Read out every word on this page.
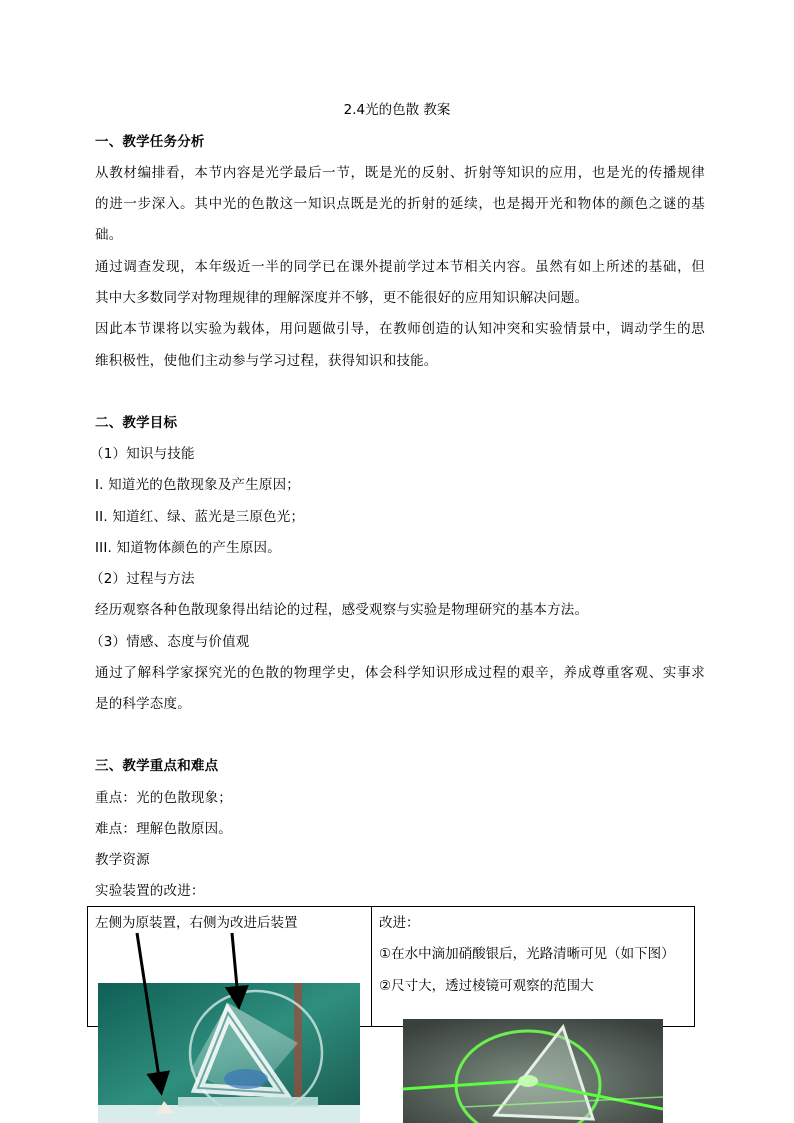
2.4光的色散 教案
一、教学任务分析
从教材编排看，本节内容是光学最后一节，既是光的反射、折射等知识的应用，也是光的传播规律
的进一步深入。其中光的色散这一知识点既是光的折射的延续，也是揭开光和物体的颜色之谜的基
础。
通过调查发现，本年级近一半的同学已在课外提前学过本节相关内容。虽然有如上所述的基础，但
其中大多数同学对物理规律的理解深度并不够，更不能很好的应用知识解决问题。
因此本节课将以实验为载体，用问题做引导，在教师创造的认知冲突和实验情景中，调动学生的思
维积极性，使他们主动参与学习过程，获得知识和技能。
二、教学目标
（1）知识与技能
I. 知道光的色散现象及产生原因；
II. 知道红、绿、蓝光是三原色光；
III. 知道物体颜色的产生原因。
（2）过程与方法
经历观察各种色散现象得出结论的过程，感受观察与实验是物理研究的基本方法。
（3）情感、态度与价值观
通过了解科学家探究光的色散的物理学史，体会科学知识形成过程的艰辛，养成尊重客观、实事求
是的科学态度。
三、教学重点和难点
重点：光的色散现象；
难点：理解色散原因。
教学资源
实验装置的改进：

左侧为原装置，右侧为改进后装置	改进：
①在水中滴加硝酸银后，光路清晰可见（如下图）
②尺寸大，透过棱镜可观察的范围大
